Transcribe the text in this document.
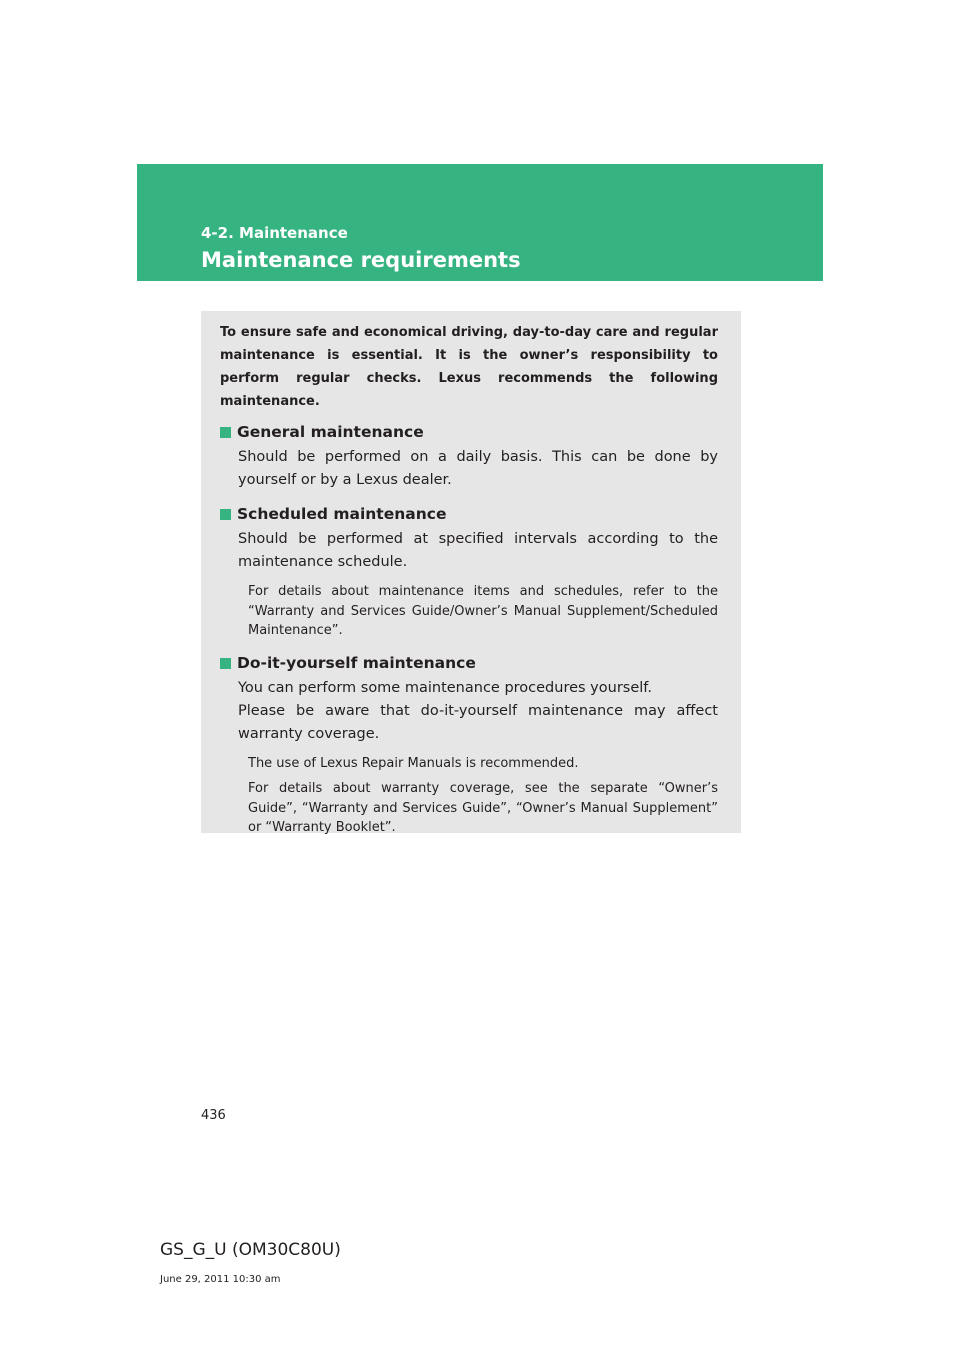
4-2. Maintenance
Maintenance requirements

To ensure safe and economical driving, day-to-day care and regular maintenance is essential. It is the owner’s responsibility to perform regular checks. Lexus recommends the following maintenance.

General maintenance

Should be performed on a daily basis. This can be done by yourself or by a Lexus dealer.

Scheduled maintenance

Should be performed at specified intervals according to the maintenance schedule.

For details about maintenance items and schedules, refer to the “Warranty and Services Guide/Owner’s Manual Supplement/Scheduled Maintenance”.

Do-it-yourself maintenance

You can perform some maintenance procedures yourself.

Please be aware that do-it-yourself maintenance may affect warranty coverage.

The use of Lexus Repair Manuals is recommended.

For details about warranty coverage, see the separate “Owner’s Guide”, “Warranty and Services Guide”, “Owner’s Manual Supplement” or “Warranty Booklet”.

436
GS_G_U (OM30C80U)
June 29, 2011 10:30 am
